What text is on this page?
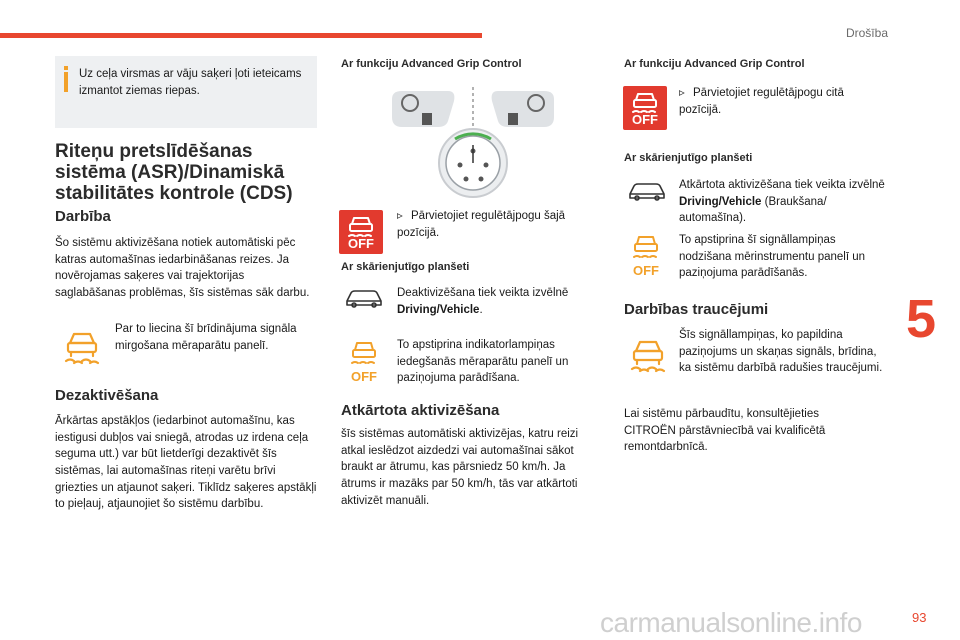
Drošība

Uz ceļa virsmas ar vāju saķeri ļoti ieteicams izmantot ziemas riepas.

Riteņu pretslīdēšanas sistēma (ASR)/Dinamiskā stabilitātes kontrole (CDS)
Darbība

Šo sistēmu aktivizēšana notiek automātiski pēc katras automašīnas iedarbināšanas reizes. Ja novērojamas saķeres vai trajektorijas saglabāšanas problēmas, šīs sistēmas sāk darbu.

Par to liecina šī brīdinājuma signāla mirgošana mēraparātu panelī.

Dezaktivēšana

Ārkārtas apstākļos (iedarbinot automašīnu, kas iestigusi dubļos vai sniegā, atrodas uz irdena ceļa seguma utt.) var būt lietderīgi dezaktivēt šīs sistēmas, lai automašīnas riteņi varētu brīvi griezties un atjaunot saķeri. Tiklīdz saķeres apstākļi to pieļauj, atjaunojiet šo sistēmu darbību.

Ar funkciju Advanced Grip Control
OFF
▹ Pārvietojiet regulētājpogu šajā pozīcijā.
Ar skārienjutīgo planšeti

Deaktivizēšana tiek veikta izvēlnē Driving/Vehicle.

OFF

To apstiprina indikatorlampiņas iedegšanās mēraparātu panelī un paziņojuma parādīšana.

Atkārtota aktivizēšana

šīs sistēmas automātiski aktivizējas, katru reizi atkal ieslēdzot aizdedzi vai automašīnai sākot braukt ar ātrumu, kas pārsniedz 50 km/h. Ja ātrums ir mazāks par 50 km/h, tās var atkārtoti aktivizēt manuāli.

Ar funkciju Advanced Grip Control
OFF
▹ Pārvietojiet regulētājpogu citā pozīcijā.
Ar skārienjutīgo planšeti

Atkārtota aktivizēšana tiek veikta izvēlnē Driving/Vehicle (Braukšana/ automašīna).

OFF

To apstiprina šī signāllampiņas nodzišana mērinstrumentu panelī un paziņojuma parādīšanās.

Darbības traucējumi

Šīs signāllampiņas, ko papildina paziņojums un skaņas signāls, brīdina, ka sistēmu darbībā radušies traucējumi.

Lai sistēmu pārbaudītu, konsultējieties CITROËN pārstāvniecībā vai kvalificētā remontdarbnīcā.

5
carmanualsonline.info	93
